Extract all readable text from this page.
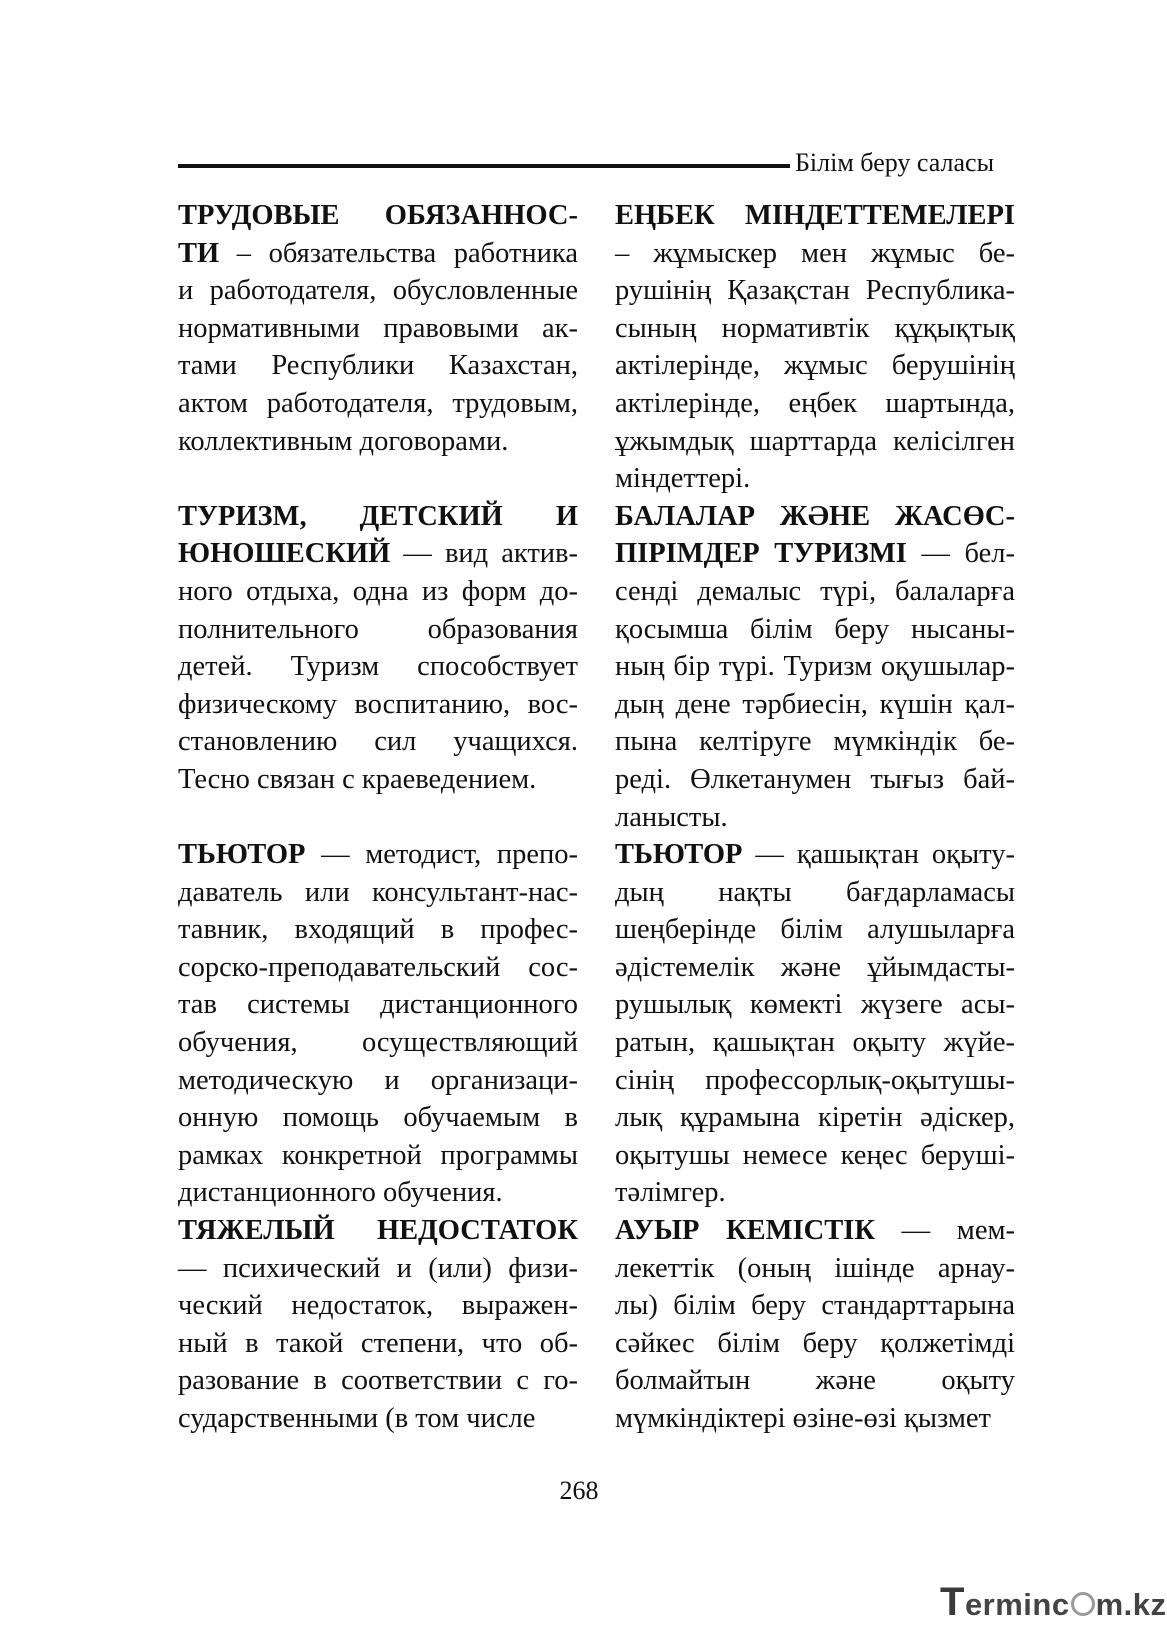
Білім беру саласы
ТРУДОВЫЕ ОБЯЗАННОС-
ТИ – обязательства работника
и работодателя, обусловленные
нормативными правовыми ак-
тами Республики Казахстан,
актом работодателя, трудовым,
коллективным договорами.
ТУРИЗМ, ДЕТСКИЙ И
ЮНОШЕСКИЙ — вид актив-
ного отдыха, одна из форм до-
полнительного образования
детей. Туризм способствует
физическому воспитанию, вос-
становлению сил учащихся.
Тесно связан с краеведением.
ТЬЮТОР — методист, препо-
даватель или консультант-нас-
тавник, входящий в профес-
сорско-преподавательский сос-
тав системы дистанционного
обучения, осуществляющий
методическую и организаци-
онную помощь обучаемым в
рамках конкретной программы
дистанционного обучения.
ТЯЖЕЛЫЙ НЕДОСТАТОК
— психический и (или) физи-
ческий недостаток, выражен-
ный в такой степени, что об-
разование в соответствии с го-
сударственными (в том числе
ЕҢБЕК МІНДЕТТЕМЕЛЕРІ
– жұмыскер мен жұмыс бе-
рушінің Қазақстан Республика-
сының нормативтік құқықтық
актілерінде, жұмыс берушінің
актілерінде, еңбек шартында,
ұжымдық шарттарда келісілген
міндеттері.
БАЛАЛАР ЖӘНЕ ЖАСӨС-
ПІРІМДЕР ТУРИЗМІ — бел-
сенді демалыс түрі, балаларға
қосымша білім беру нысаны-
ның бір түрі. Туризм оқушылар-
дың дене тәрбиесін, күшін қал-
пына келтіруге мүмкіндік бе-
реді. Өлкетанумен тығыз бай-
ланысты.
ТЬЮТОР — қашықтан оқыту-
дың нақты бағдарламасы
шеңберінде білім алушыларға
әдістемелік және ұйымдасты-
рушылық көмекті жүзеге асы-
ратын, қашықтан оқыту жүйе-
сінің профессорлық-оқытушы-
лық құрамына кіретін әдіскер,
оқытушы немесе кеңес беруші-
тәлімгер.
АУЫР КЕМІСТІК — мем-
лекеттік (оның ішінде арнау-
лы) білім беру стандарттарына
сәйкес білім беру қолжетімді
болмайтын және оқыту
мүмкіндіктері өзіне-өзі қызмет
268
Terminc m.kz
